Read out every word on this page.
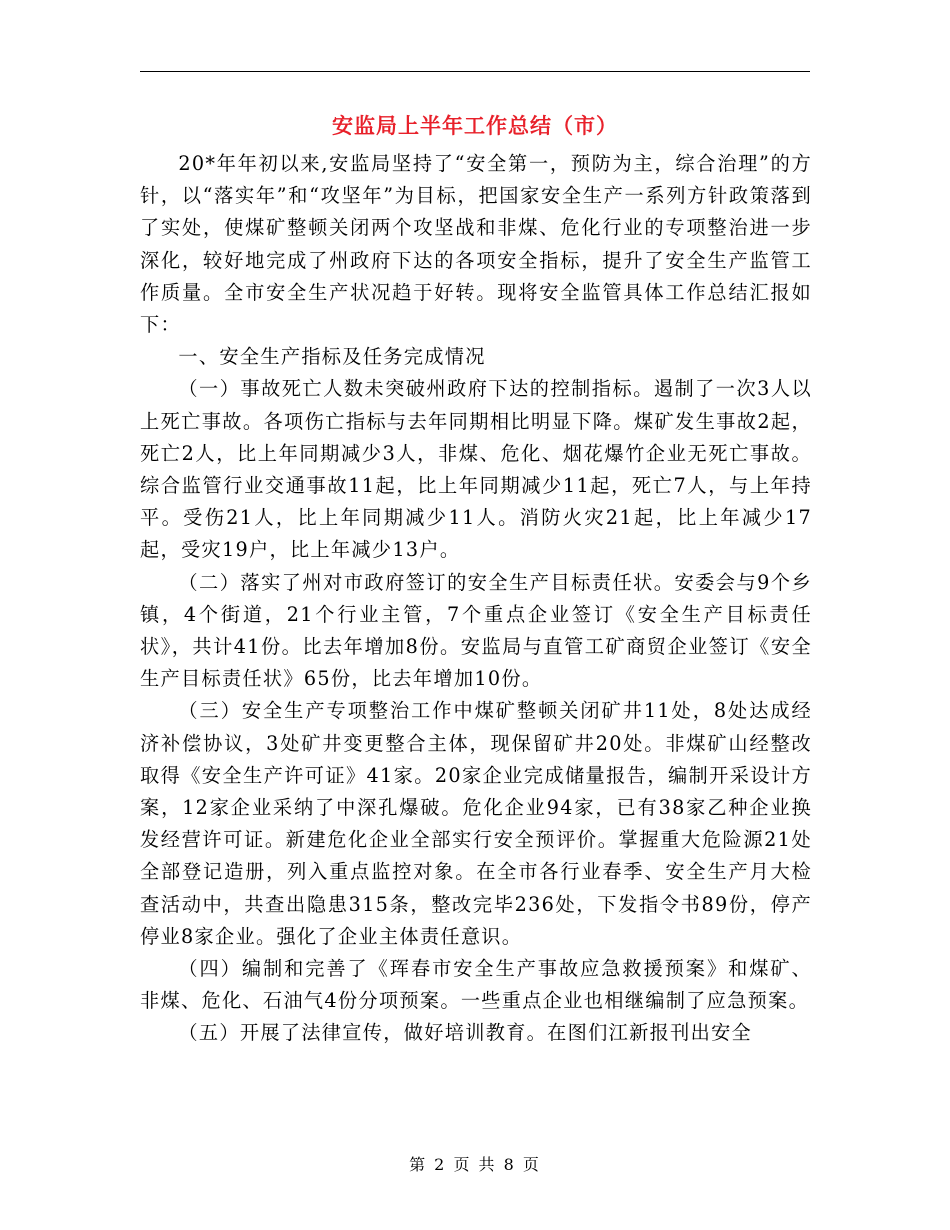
安监局上半年工作总结（市）

20*年年初以来,安监局坚持了“安全第一，预防为主，综合治理”的方针，以“落实年”和“攻坚年”为目标，把国家安全生产一系列方针政策落到了实处，使煤矿整顿关闭两个攻坚战和非煤、危化行业的专项整治进一步深化，较好地完成了州政府下达的各项安全指标，提升了安全生产监管工作质量。全市安全生产状况趋于好转。现将安全监管具体工作总结汇报如下：

一、安全生产指标及任务完成情况

（一）事故死亡人数未突破州政府下达的控制指标。遏制了一次3人以上死亡事故。各项伤亡指标与去年同期相比明显下降。煤矿发生事故2起，死亡2人，比上年同期减少3人，非煤、危化、烟花爆竹企业无死亡事故。综合监管行业交通事故11起，比上年同期减少11起，死亡7人，与上年持平。受伤21人，比上年同期减少11人。消防火灾21起，比上年减少17起，受灾19户，比上年减少13户。

（二）落实了州对市政府签订的安全生产目标责任状。安委会与9个乡镇，4个街道，21个行业主管，7个重点企业签订《安全生产目标责任状》，共计41份。比去年增加8份。安监局与直管工矿商贸企业签订《安全生产目标责任状》65份，比去年增加10份。

（三）安全生产专项整治工作中煤矿整顿关闭矿井11处，8处达成经济补偿协议，3处矿井变更整合主体，现保留矿井20处。非煤矿山经整改取得《安全生产许可证》41家。20家企业完成储量报告，编制开采设计方案，12家企业采纳了中深孔爆破。危化企业94家，已有38家乙种企业换发经营许可证。新建危化企业全部实行安全预评价。掌握重大危险源21处全部登记造册，列入重点监控对象。在全市各行业春季、安全生产月大检查活动中，共查出隐患315条，整改完毕236处，下发指令书89份，停产停业8家企业。强化了企业主体责任意识。

（四）编制和完善了《珲春市安全生产事故应急救援预案》和煤矿、非煤、危化、石油气4份分项预案。一些重点企业也相继编制了应急预案。

（五）开展了法律宣传，做好培训教育。在图们江新报刊出安全

第 2 页 共 8 页
